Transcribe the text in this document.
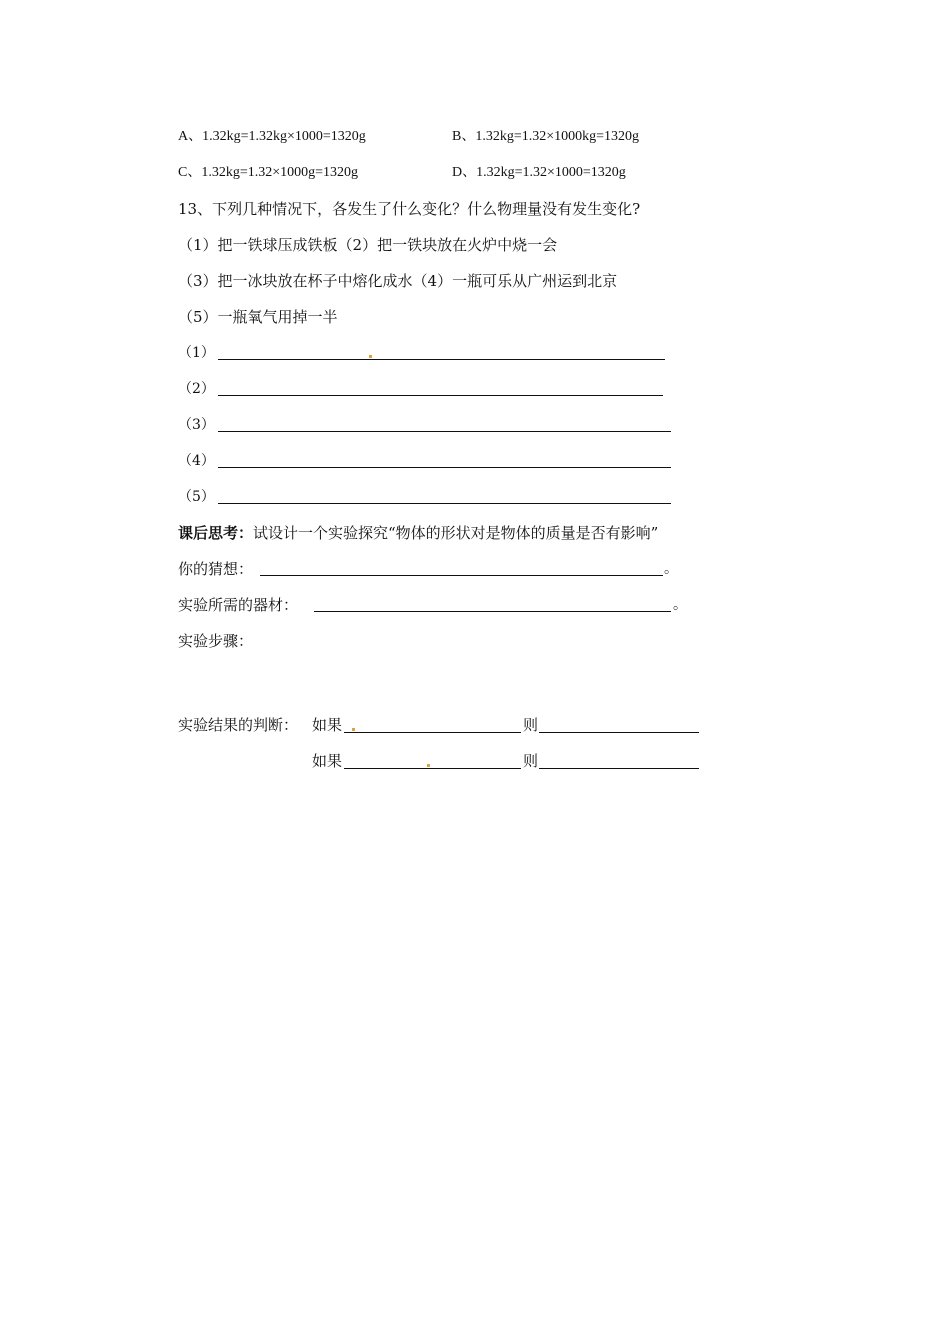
A、1.32kg=1.32kg×1000=1320g	B、1.32kg=1.32×1000kg=1320g
C、1.32kg=1.32×1000g=1320g	D、1.32kg=1.32×1000=1320g
13、下列几种情况下，各发生了什么变化？什么物理量没有发生变化?
（1）把一铁球压成铁板（2）把一铁块放在火炉中烧一会
（3）把一冰块放在杯子中熔化成水（4）一瓶可乐从广州运到北京
（5）一瓶氧气用掉一半
（1）
（2）
（3）
（4）
（5）
课后思考：试设计一个实验探究“物体的形状对是物体的质量是否有影响”
你的猜想：	。
实验所需的器材：	。
实验步骤：
实验结果的判断： 如果	则
如果	则
